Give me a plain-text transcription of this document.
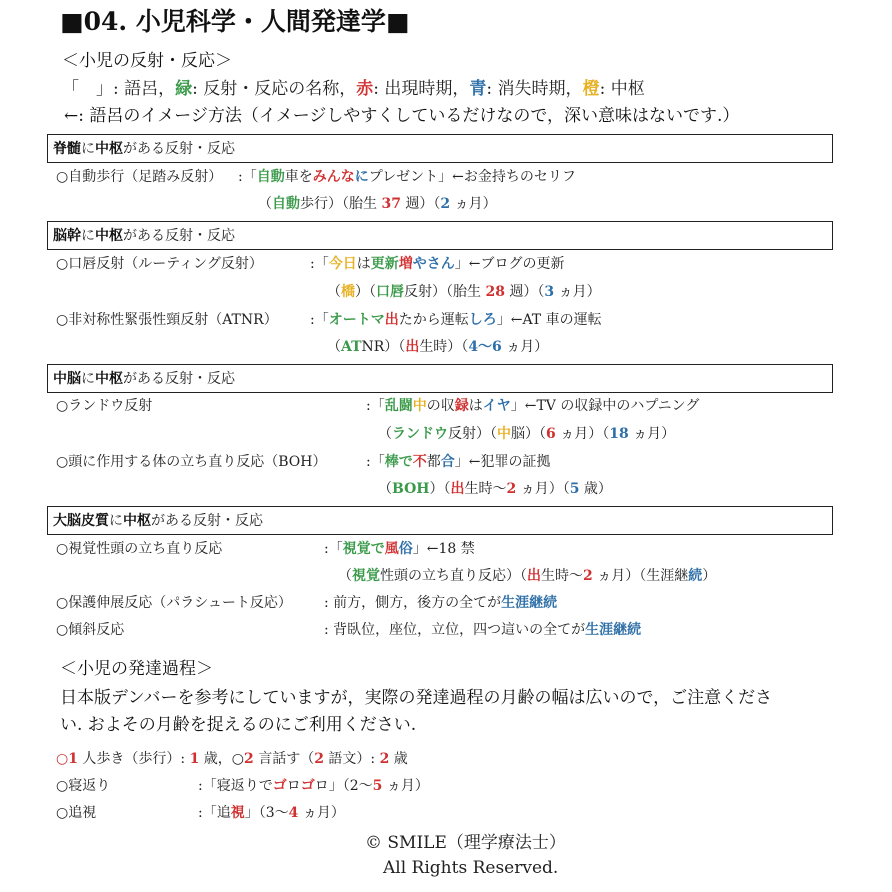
■04. 小児科学・人間発達学■
＜小児の反射・反応＞
「　」: 語呂，緑: 反射・反応の名称，赤: 出現時期，青: 消失時期，橙: 中枢
←: 語呂のイメージ方法（イメージしやすくしているだけなので，深い意味はないです.）
脊髄に中枢がある反射・反応
○自動歩行（足踏み反射） :「自動車をみんなにプレゼント」←お金持ちのセリフ
（自動歩行）（胎生 37 週）（2 ヵ月）
脳幹に中枢がある反射・反応
○口唇反射（ルーティング反射）	:「今日は更新増やさん」←ブログの更新
（橋）（口唇反射）（胎生 28 週）（3 ヵ月）
○非対称性緊張性頸反射（ATNR） :「オートマ出たから運転しろ」←AT 車の運転
（ATNR）（出生時）（4〜6 ヵ月）
中脳に中枢がある反射・反応
○ランドウ反射	:「乱闘中の収録はイヤ」←TV の収録中のハプニング
（ランドウ反射）（中脳）（6 ヵ月）（18 ヵ月）
○頭に作用する体の立ち直り反応（BOH）	:「棒で不都合」←犯罪の証拠
（BOH）（出生時〜2 ヵ月）（5 歳）
大脳皮質に中枢がある反射・反応
○視覚性頭の立ち直り反応	:「視覚で風俗」←18 禁
（視覚性頭の立ち直り反応）（出生時〜2 ヵ月）（生涯継続）
○保護伸展反応（パラシュート反応） : 前方，側方，後方の全てが生涯継続
○傾斜反応	: 背臥位，座位，立位，四つ這いの全てが生涯継続
＜小児の発達過程＞
日本版デンバーを参考にしていますが，実際の発達過程の月齢の幅は広いので，ご注意くださ
い. およその月齢を捉えるのにご利用ください.
○1 人歩き（歩行）: 1 歳，○2 言話す（2 語文）: 2 歳
○寝返り	:「寝返りでゴロゴロ」（2〜5 ヵ月）
○追視	:「追視」（3〜4 ヵ月）
© SMILE（理学療法士）
All Rights Reserved.
